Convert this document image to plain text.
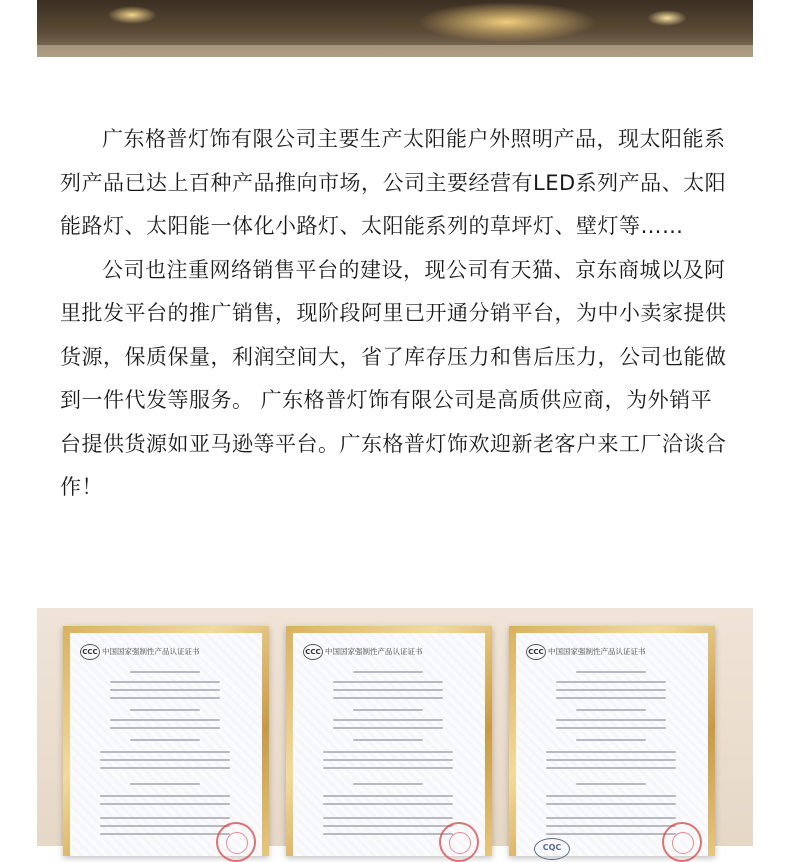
广东格普灯饰有限公司主要生产太阳能户外照明产品，现太阳能系列产品已达上百种产品推向市场，公司主要经营有LED系列产品、太阳能路灯、太阳能一体化小路灯、太阳能系列的草坪灯、壁灯等……

公司也注重网络销售平台的建设，现公司有天猫、京东商城以及阿里批发平台的推广销售，现阶段阿里已开通分销平台，为中小卖家提供货源，保质保量，利润空间大，省了库存压力和售后压力，公司也能做到一件代发等服务。 广东格普灯饰有限公司是高质供应商，为外销平台提供货源如亚马逊等平台。广东格普灯饰欢迎新老客户来工厂洽谈合作！

CCC 中国国家强制性产品认证证书	CCC 中国国家强制性产品认证证书	CCC 中国国家强制性产品认证证书
CQC
